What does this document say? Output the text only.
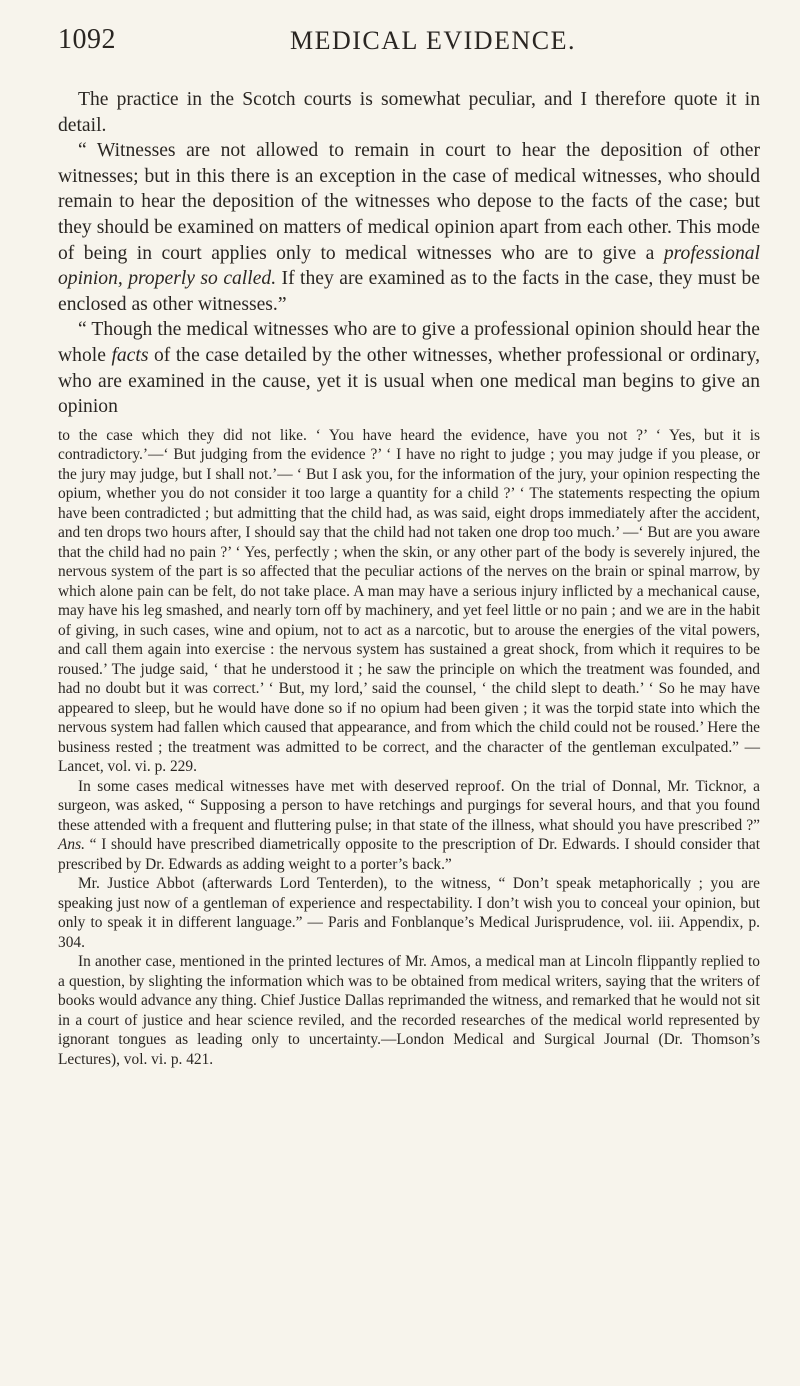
1092	MEDICAL EVIDENCE.

The practice in the Scotch courts is somewhat peculiar, and I therefore quote it in detail.

“ Witnesses are not allowed to remain in court to hear the deposition of other witnesses; but in this there is an exception in the case of medical witnesses, who should remain to hear the deposition of the witnesses who depose to the facts of the case; but they should be examined on matters of medical opinion apart from each other. This mode of being in court applies only to medical witnesses who are to give a professional opinion, properly so called. If they are examined as to the facts in the case, they must be enclosed as other witnesses.”

“ Though the medical witnesses who are to give a professional opinion should hear the whole facts of the case detailed by the other witnesses, whether professional or ordinary, who are examined in the cause, yet it is usual when one medical man begins to give an opinion

to the case which they did not like. ‘ You have heard the evidence, have you not ?’ ‘ Yes, but it is contradictory.’—‘ But judging from the evidence ?’ ‘ I have no right to judge ; you may judge if you please, or the jury may judge, but I shall not.’— ‘ But I ask you, for the information of the jury, your opinion respecting the opium, whether you do not consider it too large a quantity for a child ?’ ‘ The statements respecting the opium have been contradicted ; but admitting that the child had, as was said, eight drops immediately after the accident, and ten drops two hours after, I should say that the child had not taken one drop too much.’ —‘ But are you aware that the child had no pain ?’ ‘ Yes, perfectly ; when the skin, or any other part of the body is severely injured, the nervous system of the part is so affected that the peculiar actions of the nerves on the brain or spinal marrow, by which alone pain can be felt, do not take place. A man may have a serious injury inflicted by a mechanical cause, may have his leg smashed, and nearly torn off by machinery, and yet feel little or no pain ; and we are in the habit of giving, in such cases, wine and opium, not to act as a narcotic, but to arouse the energies of the vital powers, and call them again into exercise : the nervous system has sustained a great shock, from which it requires to be roused.’ The judge said, ‘ that he understood it ; he saw the principle on which the treatment was founded, and had no doubt but it was correct.’ ‘ But, my lord,’ said the counsel, ‘ the child slept to death.’ ‘ So he may have appeared to sleep, but he would have done so if no opium had been given ; it was the torpid state into which the nervous system had fallen which caused that appearance, and from which the child could not be roused.’ Here the business rested ; the treatment was admitted to be correct, and the character of the gentleman exculpated.” — Lancet, vol. vi. p. 229.

In some cases medical witnesses have met with deserved reproof. On the trial of Donnal, Mr. Ticknor, a surgeon, was asked, “ Supposing a person to have retchings and purgings for several hours, and that you found these attended with a frequent and fluttering pulse; in that state of the illness, what should you have prescribed ?” Ans. “ I should have prescribed diametrically opposite to the prescription of Dr. Edwards. I should consider that prescribed by Dr. Edwards as adding weight to a porter’s back.”

Mr. Justice Abbot (afterwards Lord Tenterden), to the witness, “ Don’t speak metaphorically ; you are speaking just now of a gentleman of experience and respectability. I don’t wish you to conceal your opinion, but only to speak it in different language.” — Paris and Fonblanque’s Medical Jurisprudence, vol. iii. Appendix, p. 304.

In another case, mentioned in the printed lectures of Mr. Amos, a medical man at Lincoln flippantly replied to a question, by slighting the information which was to be obtained from medical writers, saying that the writers of books would advance any thing. Chief Justice Dallas reprimanded the witness, and remarked that he would not sit in a court of justice and hear science reviled, and the recorded researches of the medical world represented by ignorant tongues as leading only to uncertainty.—London Medical and Surgical Journal (Dr. Thomson’s Lectures), vol. vi. p. 421.
